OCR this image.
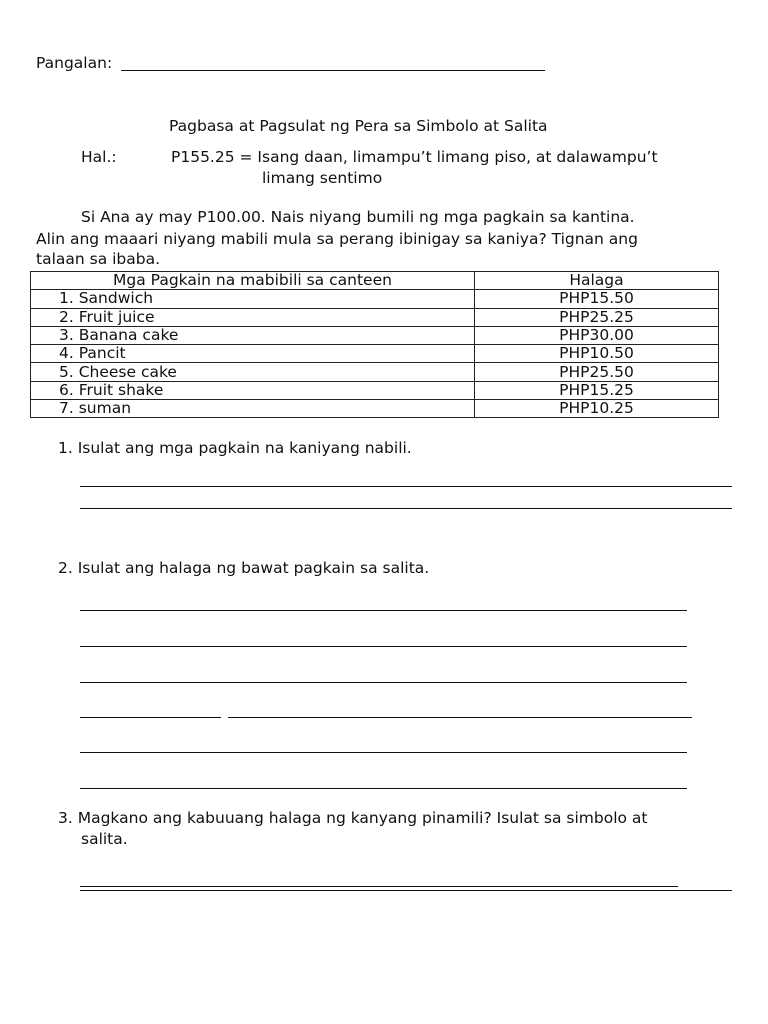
Pangalan:
Pagbasa at Pagsulat ng Pera sa Simbolo at Salita
Hal.:	P155.25 = Isang daan, limampu’t limang piso, at dalawampu’t
limang sentimo
Si Ana ay may P100.00. Nais niyang bumili ng mga pagkain sa kantina.
Alin ang maaari niyang mabili mula sa perang ibinigay sa kaniya? Tignan ang
talaan sa ibaba.
Mga Pagkain na mabibili sa canteen	Halaga
1. Sandwich	PHP15.50
2. Fruit juice	PHP25.25
3. Banana cake	PHP30.00
4. Pancit	PHP10.50
5. Cheese cake	PHP25.50
6. Fruit shake	PHP15.25
7. suman	PHP10.25
1. Isulat ang mga pagkain na kaniyang nabili.
2. Isulat ang halaga ng bawat pagkain sa salita.
3. Magkano ang kabuuang halaga ng kanyang pinamili? Isulat sa simbolo at
salita.
